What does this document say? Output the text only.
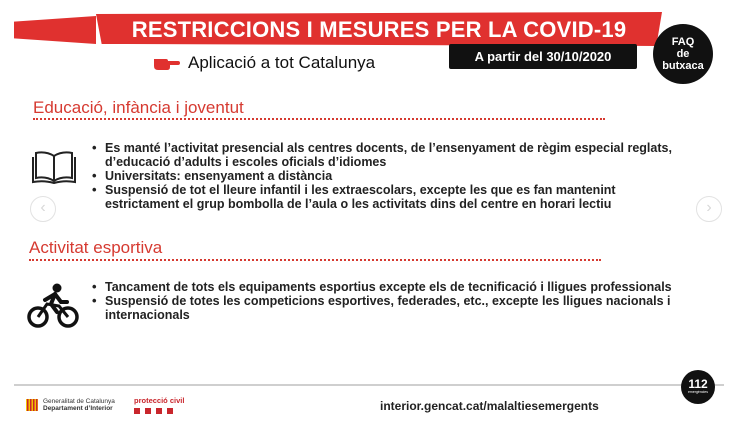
RESTRICCIONS I MESURES PER LA COVID-19	FAQ
de
butxaca
Aplicació a tot Catalunya	A partir del 30/10/2020
Educació, infància i joventut
• Es manté l’activitat presencial als centres docents, de l’ensenyament de règim especial reglats, d’educació d’adults i escoles oficials d’idiomes
• Universitats: ensenyament a distància
• Suspensió de tot el lleure infantil i les extraescolars, excepte les que es fan mantenint estrictament el grup bombolla de l’aula o les activitats dins del centre en horari lectiu
Activitat esportiva
• Tancament de tots els equipaments esportius excepte els de tecnificació i lligues professionals
• Suspensió de totes les competicions esportives, federades, etc., excepte les lligues nacionals i internacionals
‹	›
Generalitat de Catalunya
Departament d’Interior
protecció civil	interior.gencat.cat/malaltiesemergents
112
emergències
